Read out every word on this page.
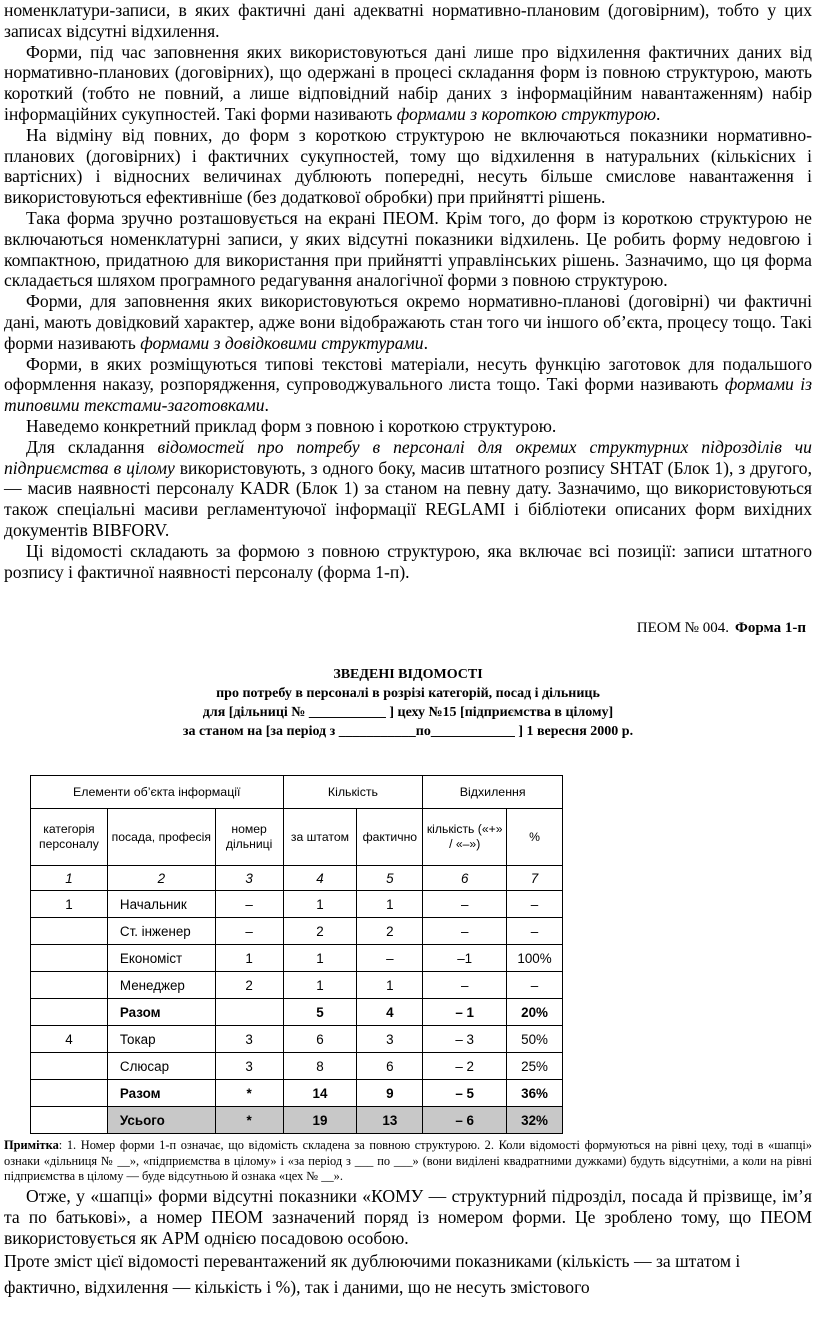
номенклатури-записи, в яких фактичні дані адекватні нормативно-плановим (договірним), тобто у цих записах відсутні відхилення.

Форми, під час заповнення яких використовуються дані лише про відхилення фактичних даних від нормативно-планових (договірних), що одержані в процесі складання форм із повною структурою, мають короткий (тобто не повний, а лише відповідний набір даних з інформаційним навантаженням) набір інформаційних сукупностей. Такі форми називають формами з короткою структурою.

На відміну від повних, до форм з короткою структурою не включаються показники нормативно-планових (договірних) і фактичних сукупностей, тому що відхилення в натуральних (кількісних і вартісних) і відносних величинах дублюють попередні, несуть більше смислове навантаження і використовуються ефективніше (без додаткової обробки) при прийнятті рішень.

Така форма зручно розташовується на екрані ПЕОМ. Крім того, до форм із короткою структурою не включаються номенклатурні записи, у яких відсутні показники відхилень. Це робить форму недовгою і компактною, придатною для використання при прийнятті управлінських рішень. Зазначимо, що ця форма складається шляхом програмного редагування аналогічної форми з повною структурою.

Форми, для заповнення яких використовуються окремо нормативно-планові (договірні) чи фактичні дані, мають довідковий характер, адже вони відображають стан того чи іншого об’єкта, процесу тощо. Такі форми називають формами з довідковими структурами.

Форми, в яких розміщуються типові текстові матеріали, несуть функцію заготовок для подальшого оформлення наказу, розпорядження, супроводжувального листа тощо. Такі форми називають формами із типовими текстами-заготовками.

Наведемо конкретний приклад форм з повною і короткою структурою.

Для складання відомостей про потребу в персоналі для окремих структурних підрозділів чи підприємства в цілому використовують, з одного боку, масив штатного розпису SHTAT (Блок 1), з другого, — масив наявності персоналу KADR (Блок 1) за станом на певну дату. Зазначимо, що використовуються також спеціальні масиви регламентуючої інформації REGLAMI і бібліотеки описаних форм вихідних документів BIBFORV.

Ці відомості складають за формою з повною структурою, яка включає всі позиції: записи штатного розпису і фактичної наявності персоналу (форма 1-п).

ПЕОМ № 004. Форма 1-п
ЗВЕДЕНІ ВІДОМОСТІ
про потребу в персоналі в розрізі категорій, посад і дільниць
для [дільниці № ___________ ] цеху №15 [підприємства в цілому]
за станом на [за період з ___________по____________ ] 1 вересня 2000 р.
Елементи об’єкта інформації			Кількість		Відхилення	
категорія персоналу	посада, професія	номер дільниці	за штатом	фактично	кількість («+» / «–»)	%
1	2	3	4	5	6	7
1	Начальник	–	1	1	–	–
	Ст. інженер	–	2	2	–	–
	Економіст	1	1	–	–1	100%
	Менеджер	2	1	1	–	–
	Разом		5	4	– 1	20%
4	Токар	3	6	3	– 3	50%
	Слюсар	3	8	6	– 2	25%
	Разом	*	14	9	– 5	36%
	Усього	*	19	13	– 6	32%
Примітка: 1. Номер форми 1-п означає, що відомість складена за повною структурою. 2. Коли відомості формуються на рівні цеху, тоді в «шапці» ознаки «дільниця № __», «підприємства в цілому» і «за період з ___ по ___» (вони виділені квадратними дужками) будуть відсутніми, а коли на рівні підприємства в цілому — буде відсутньою й ознака «цех № __».

Отже, у «шапці» форми відсутні показники «КОМУ — структурний підрозділ, посада й прізвище, ім’я та по батькові», а номер ПЕОМ зазначений поряд із номером форми. Це зроблено тому, що ПЕОМ використовується як АРМ однією посадовою особою.

Проте зміст цієї відомості перевантажений як дублюючими показниками (кількість — за штатом і фактично, відхилення — кількість і %), так і даними, що не несуть змістового
